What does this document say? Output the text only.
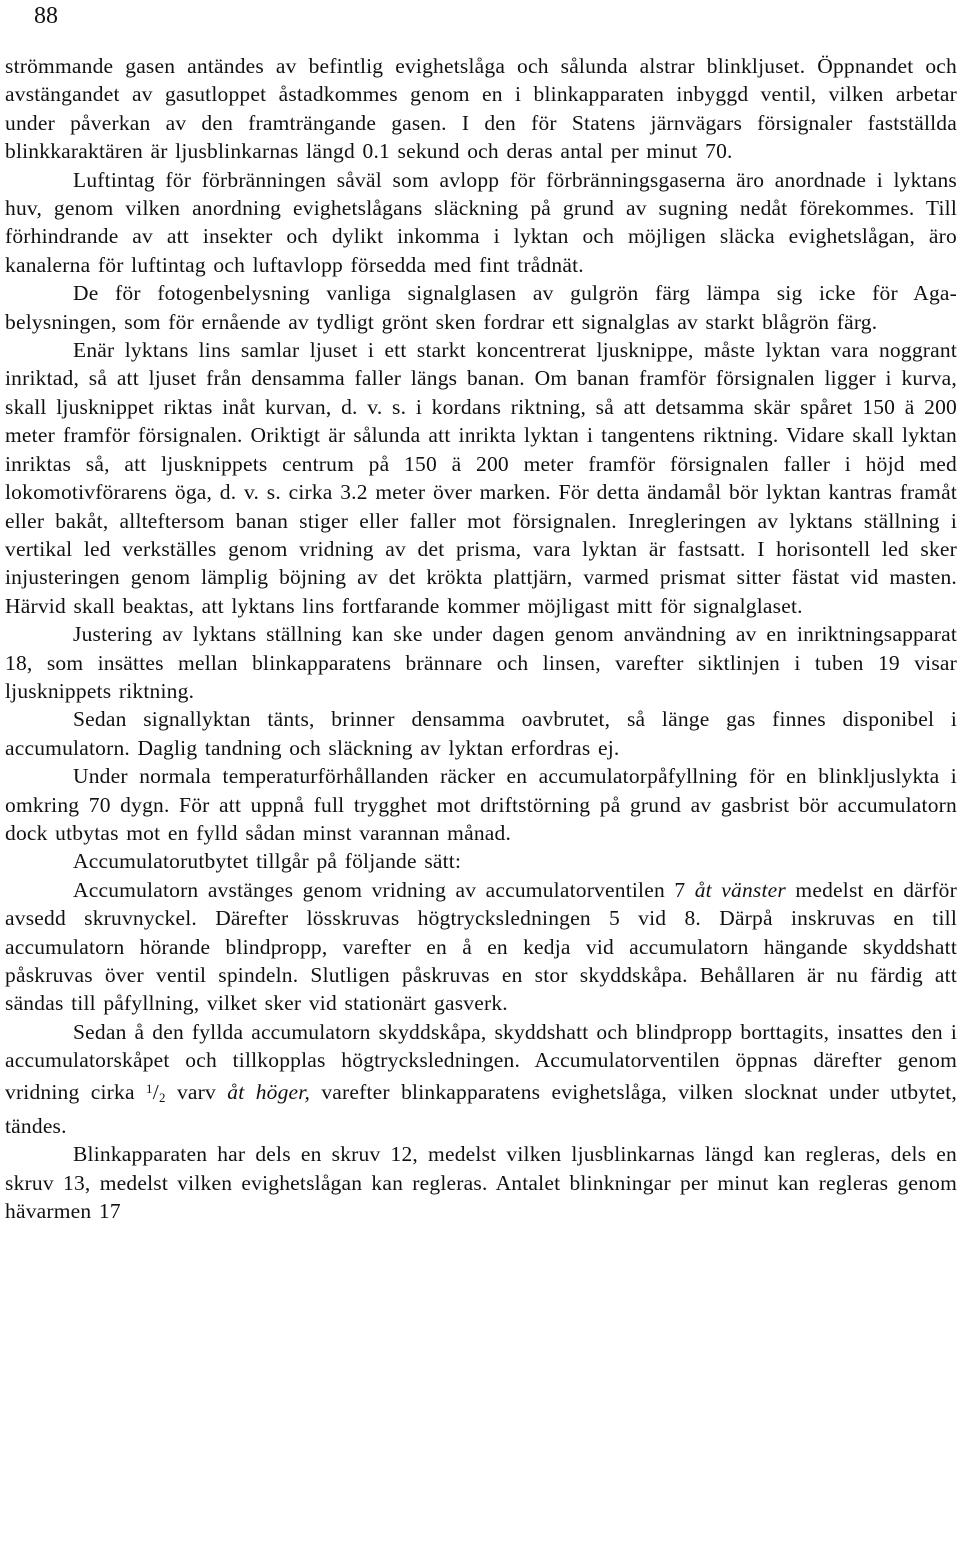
88

strömmande gasen antändes av befintlig evighetslåga och sålunda alstrar blinkljuset. Öppnandet och avstängandet av gasutloppet åstadkommes genom en i blinkapparaten inbyggd ventil, vilken arbetar under påverkan av den framträngande gasen. I den för Statens järnvägars försignaler fastställda blinkkaraktären är ljusblinkarnas längd 0.1 sekund och deras antal per minut 70.

Luftintag för förbränningen såväl som avlopp för förbränningsgaserna äro anordnade i lyktans huv, genom vilken anordning evighetslågans släckning på grund av sugning nedåt förekommes. Till förhindrande av att insekter och dylikt inkomma i lyktan och möjligen släcka evighetslågan, äro kanalerna för luftintag och luftavlopp försedda med fint trådnät.

De för fotogenbelysning vanliga signalglasen av gulgrön färg lämpa sig icke för Aga-belysningen, som för ernående av tydligt grönt sken fordrar ett signalglas av starkt blågrön färg.

Enär lyktans lins samlar ljuset i ett starkt koncentrerat ljusknippe, måste lyktan vara noggrant inriktad, så att ljuset från densamma faller längs banan. Om banan framför försignalen ligger i kurva, skall ljusknippet riktas inåt kurvan, d. v. s. i kordans riktning, så att detsamma skär spåret 150 ä 200 meter framför försignalen. Oriktigt är sålunda att inrikta lyktan i tangentens riktning. Vidare skall lyktan inriktas så, att ljusknippets centrum på 150 ä 200 meter framför försignalen faller i höjd med lokomotivförarens öga, d. v. s. cirka 3.2 meter över marken. För detta ändamål bör lyktan kantras framåt eller bakåt, allteftersom banan stiger eller faller mot försignalen. Inregleringen av lyktans ställning i vertikal led verkställes genom vridning av det prisma, vara lyktan är fastsatt. I horisontell led sker injusteringen genom lämplig böjning av det krökta plattjärn, varmed prismat sitter fästat vid masten. Härvid skall beaktas, att lyktans lins fortfarande kommer möjligast mitt för signalglaset.

Justering av lyktans ställning kan ske under dagen genom användning av en inriktningsapparat 18, som insättes mellan blinkapparatens brännare och linsen, varefter siktlinjen i tuben 19 visar ljusknippets riktning.

Sedan signallyktan tänts, brinner densamma oavbrutet, så länge gas finnes disponibel i accumulatorn. Daglig tandning och släckning av lyktan erfordras ej.

Under normala temperaturförhållanden räcker en accumulatorpåfyllning för en blinkljuslykta i omkring 70 dygn. För att uppnå full trygghet mot driftstörning på grund av gasbrist bör accumulatorn dock utbytas mot en fylld sådan minst varannan månad.

Accumulatorutbytet tillgår på följande sätt:

Accumulatorn avstänges genom vridning av accumulatorventilen 7 åt vänster medelst en därför avsedd skruvnyckel. Därefter lösskruvas högtrycksledningen 5 vid 8. Därpå inskruvas en till accumulatorn hörande blindpropp, varefter en å en kedja vid accumulatorn hängande skyddshatt påskruvas över ventil spindeln. Slutligen påskruvas en stor skyddskåpa. Behållaren är nu färdig att sändas till påfyllning, vilket sker vid stationärt gasverk.

Sedan å den fyllda accumulatorn skyddskåpa, skyddshatt och blindpropp borttagits, insattes den i accumulatorskåpet och tillkopplas högtrycksledningen. Accumulatorventilen öppnas därefter genom vridning cirka $^1$/2 varv åt höger, varefter blinkapparatens evighetslåga, vilken slocknat under utbytet, tändes.

Blinkapparaten har dels en skruv 12, medelst vilken ljusblinkarnas längd kan regleras, dels en skruv 13, medelst vilken evighetslågan kan regleras. Antalet blinkningar per minut kan regleras genom hävarmen 17
